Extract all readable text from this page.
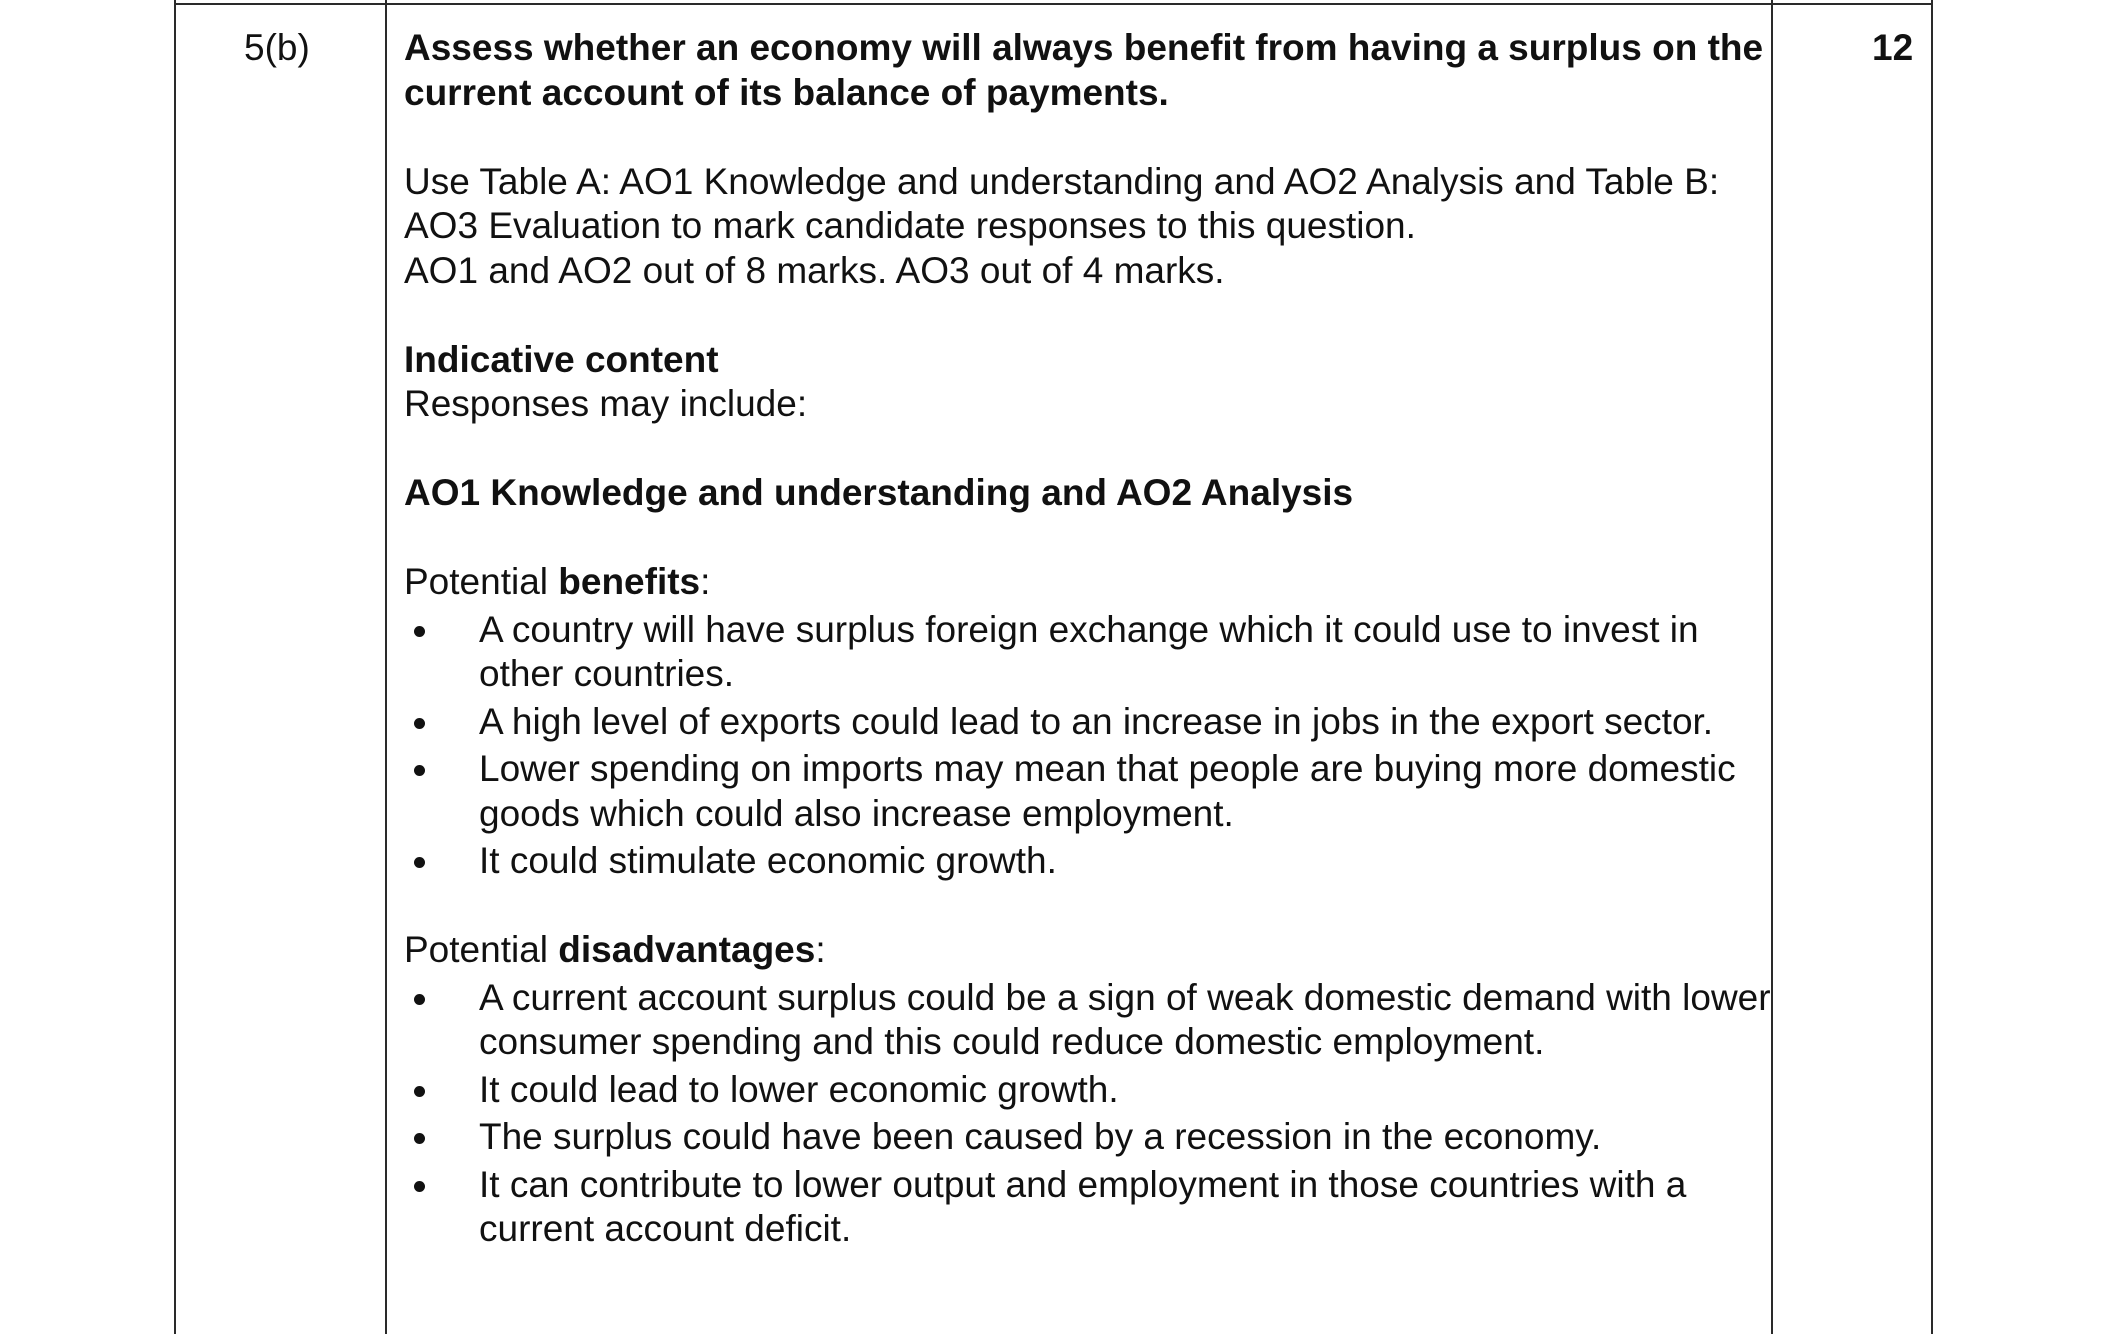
5(b)	12

Assess whether an economy will always benefit from having a surplus on the current account of its balance of payments.

Use Table A: AO1 Knowledge and understanding and AO2 Analysis and Table B: AO3 Evaluation to mark candidate responses to this question.

AO1 and AO2 out of 8 marks. AO3 out of 4 marks.

Indicative content

Responses may include:

AO1 Knowledge and understanding and AO2 Analysis

Potential benefits:

A country will have surplus foreign exchange which it could use to invest in other countries.
A high level of exports could lead to an increase in jobs in the export sector.
Lower spending on imports may mean that people are buying more domestic goods which could also increase employment.
It could stimulate economic growth.

Potential disadvantages:

A current account surplus could be a sign of weak domestic demand with lower consumer spending and this could reduce domestic employment.
It could lead to lower economic growth.
The surplus could have been caused by a recession in the economy.
It can contribute to lower output and employment in those countries with a current account deficit.
